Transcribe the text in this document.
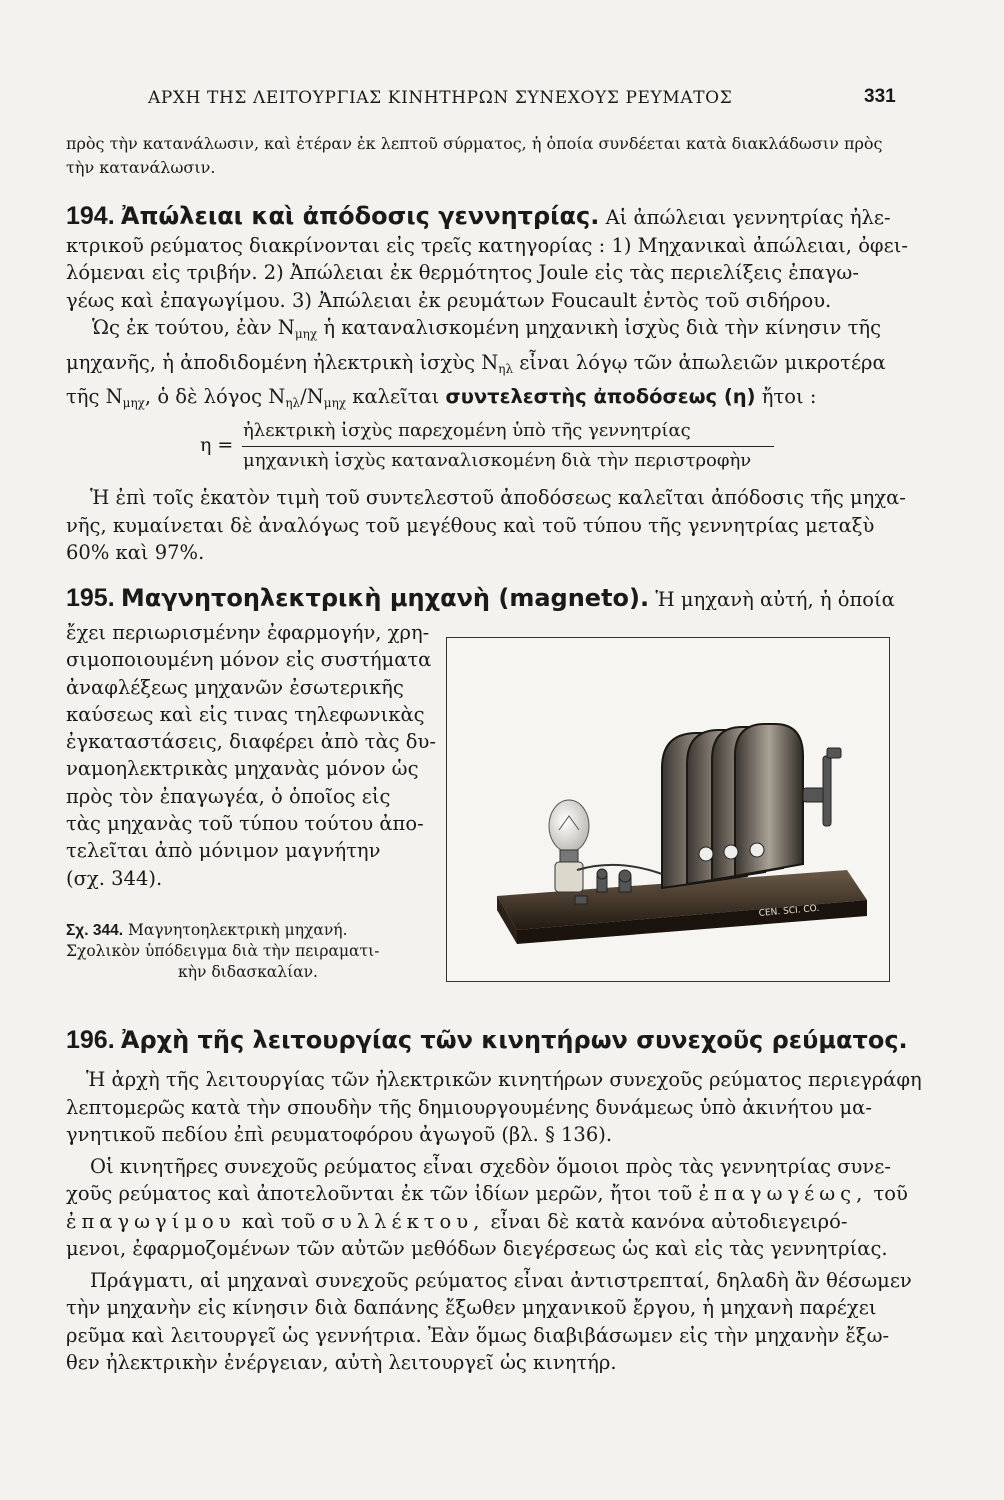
ΑΡΧΗ ΤΗΣ ΛΕΙΤΟΥΡΓΙΑΣ ΚΙΝΗΤΗΡΩΝ ΣΥΝΕΧΟΥΣ ΡΕΥΜΑΤΟΣ	331
πρὸς τὴν κατανάλωσιν, καὶ ἑτέραν ἐκ λεπτοῦ σύρματος, ἡ ὁποία συνδέεται κατὰ διακλάδωσιν πρὸς
τὴν κατανάλωσιν.
194. Ἀπώλειαι καὶ ἀπόδοσις γεννητρίας. Αἱ ἀπώλειαι γεννητρίας ἠλε-
κτρικοῦ ρεύματος διακρίνονται εἰς τρεῖς κατηγορίας : 1) Μηχανικαὶ ἀπώλειαι, ὀφει-
λόμεναι εἰς τριβήν. 2) Ἀπώλειαι ἐκ θερμότητος Joule εἰς τὰς περιελίξεις ἐπαγω-
γέως καὶ ἐπαγωγίμου. 3) Ἀπώλειαι ἐκ ρευμάτων Foucault ἐντὸς τοῦ σιδήρου.
Ὡς ἐκ τούτου, ἐὰν $N_{\mu\eta\chi}$ ἡ καταναλισκομένη μηχανικὴ ἰσχὺς διὰ τὴν κίνησιν τῆς
μηχανῆς, ἡ ἀποδιδομένη ἠλεκτρικὴ ἰσχὺς $N_{\eta\lambda}$ εἶναι λόγῳ τῶν ἀπωλειῶν μικροτέρα
τῆς $N_{\mu\eta\chi}$, ὁ δὲ λόγος $N_{\eta\lambda}/N_{\mu\eta\chi}$ καλεῖται συντελεστὴς ἀποδόσεως (η) ἤτοι :
η =
ἠλεκτρικὴ ἰσχὺς παρεχομένη ὑπὸ τῆς γεννητρίας
μηχανικὴ ἰσχὺς καταναλισκομένη διὰ τὴν περιστροφὴν
Ἡ ἐπὶ τοῖς ἑκατὸν τιμὴ τοῦ συντελεστοῦ ἀποδόσεως καλεῖται ἀπόδοσις τῆς μηχα-
νῆς, κυμαίνεται δὲ ἀναλόγως τοῦ μεγέθους καὶ τοῦ τύπου τῆς γεννητρίας μεταξὺ
60% καὶ 97%.
195. Μαγνητοηλεκτρικὴ μηχανὴ (magneto). Ἡ μηχανὴ αὐτή, ἡ ὁποία
ἔχει περιωρισμένην ἐφαρμογήν, χρη-
σιμοποιουμένη μόνον εἰς συστήματα
ἀναφλέξεως μηχανῶν ἐσωτερικῆς
καύσεως καὶ εἰς τινας τηλεφωνικὰς
ἐγκαταστάσεις, διαφέρει ἀπὸ τὰς δυ-
ναμοηλεκτρικὰς μηχανὰς μόνον ὡς
πρὸς τὸν ἐπαγωγέα, ὁ ὁποῖος εἰς
τὰς μηχανὰς τοῦ τύπου τούτου ἀπο-
τελεῖται ἀπὸ μόνιμον μαγνήτην
(σχ. 344).
Σχ. 344. Μαγνητοηλεκτρικὴ μηχανή.
Σχολικὸν ὑπόδειγμα διὰ τὴν πειραματι-
κὴν διδασκαλίαν.
CEN. SCI. CO.
196. Ἀρχὴ τῆς λειτουργίας τῶν κινητήρων συνεχοῦς ρεύματος.
Ἡ ἀρχὴ τῆς λειτουργίας τῶν ἠλεκτρικῶν κινητήρων συνεχοῦς ρεύματος περιεγράφη
λεπτομερῶς κατὰ τὴν σπουδὴν τῆς δημιουργουμένης δυνάμεως ὑπὸ ἀκινήτου μα-
γνητικοῦ πεδίου ἐπὶ ρευματοφόρου ἀγωγοῦ (βλ. § 136).
Οἱ κινητῆρες συνεχοῦς ρεύματος εἶναι σχεδὸν ὅμοιοι πρὸς τὰς γεννητρίας συνε-
χοῦς ρεύματος καὶ ἀποτελοῦνται ἐκ τῶν ἰδίων μερῶν, ἤτοι τοῦ ἐπαγωγέως, τοῦ
ἐπαγωγίμου καὶ τοῦ συλλέκτου, εἶναι δὲ κατὰ κανόνα αὐτοδιεγειρό-
μενοι, ἐφαρμοζομένων τῶν αὐτῶν μεθόδων διεγέρσεως ὡς καὶ εἰς τὰς γεννητρίας.
Πράγματι, αἱ μηχαναὶ συνεχοῦς ρεύματος εἶναι ἀντιστρεπταί, δηλαδὴ ἂν θέσωμεν
τὴν μηχανὴν εἰς κίνησιν διὰ δαπάνης ἔξωθεν μηχανικοῦ ἔργου, ἡ μηχανὴ παρέχει
ρεῦμα καὶ λειτουργεῖ ὡς γεννήτρια. Ἐὰν ὅμως διαβιβάσωμεν εἰς τὴν μηχανὴν ἔξω-
θεν ἠλεκτρικὴν ἐνέργειαν, αὐτὴ λειτουργεῖ ὡς κινητήρ.
